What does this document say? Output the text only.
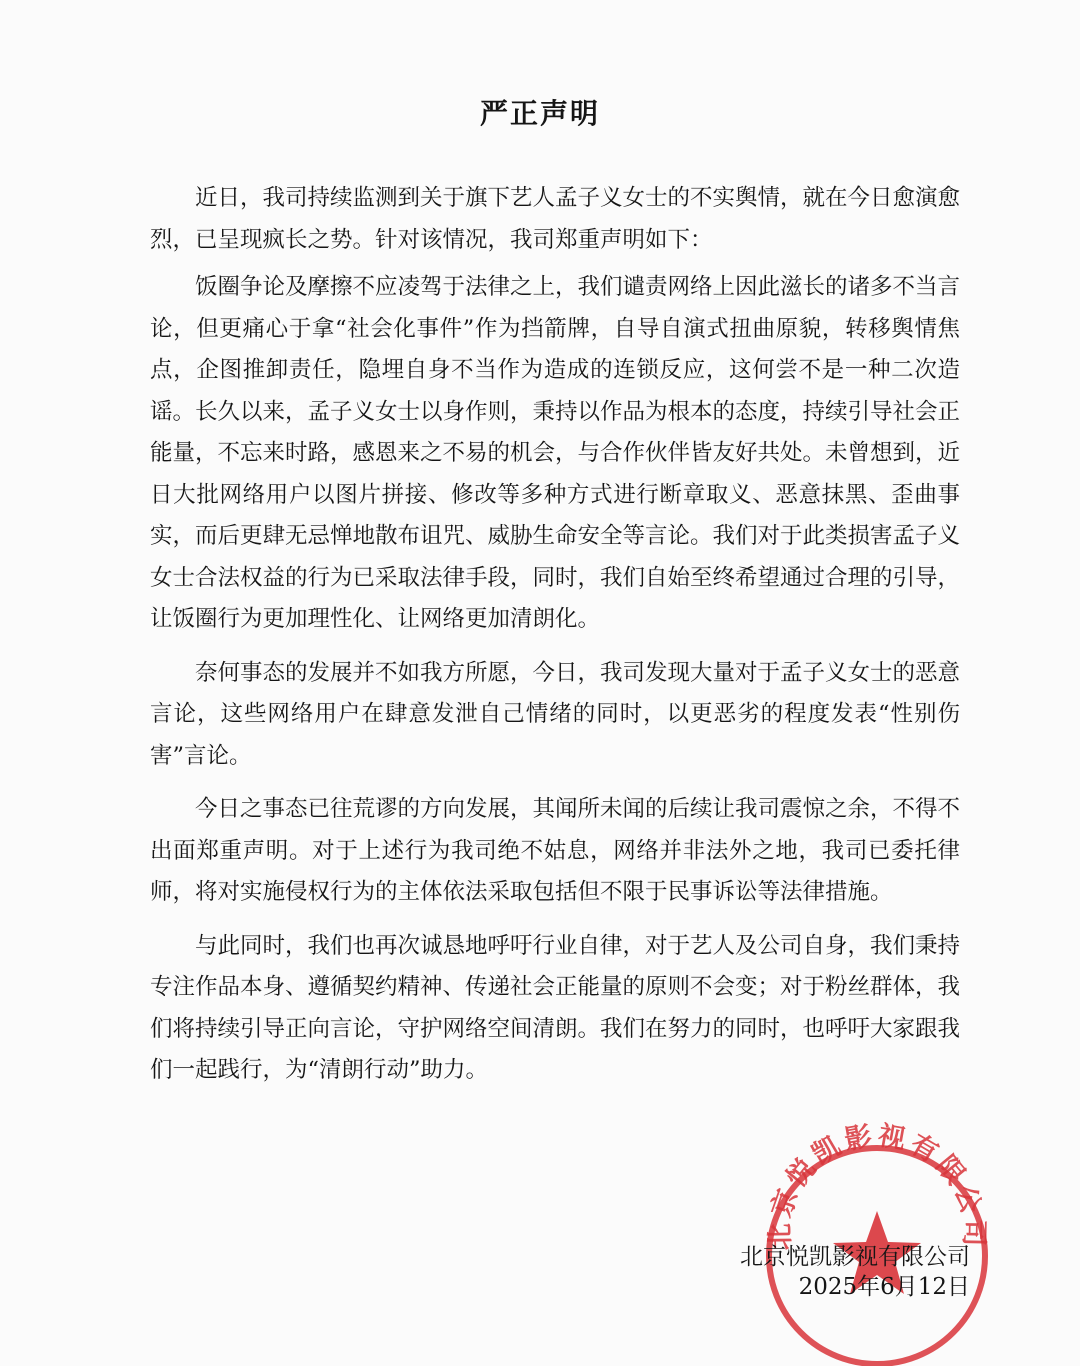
严正声明

近日，我司持续监测到关于旗下艺人孟子义女士的不实舆情，就在今日愈演愈烈，已呈现疯长之势。针对该情况，我司郑重声明如下：

饭圈争论及摩擦不应凌驾于法律之上，我们谴责网络上因此滋长的诸多不当言论，但更痛心于拿“社会化事件”作为挡箭牌，自导自演式扭曲原貌，转移舆情焦点，企图推卸责任，隐埋自身不当作为造成的连锁反应，这何尝不是一种二次造谣。长久以来，孟子义女士以身作则，秉持以作品为根本的态度，持续引导社会正能量，不忘来时路，感恩来之不易的机会，与合作伙伴皆友好共处。未曾想到，近日大批网络用户以图片拼接、修改等多种方式进行断章取义、恶意抹黑、歪曲事实，而后更肆无忌惮地散布诅咒、威胁生命安全等言论。我们对于此类损害孟子义女士合法权益的行为已采取法律手段，同时，我们自始至终希望通过合理的引导，让饭圈行为更加理性化、让网络更加清朗化。

奈何事态的发展并不如我方所愿，今日，我司发现大量对于孟子义女士的恶意言论，这些网络用户在肆意发泄自己情绪的同时，以更恶劣的程度发表“性别伤害”言论。

今日之事态已往荒谬的方向发展，其闻所未闻的后续让我司震惊之余，不得不出面郑重声明。对于上述行为我司绝不姑息，网络并非法外之地，我司已委托律师，将对实施侵权行为的主体依法采取包括但不限于民事诉讼等法律措施。

与此同时，我们也再次诚恳地呼吁行业自律，对于艺人及公司自身，我们秉持专注作品本身、遵循契约精神、传递社会正能量的原则不会变；对于粉丝群体，我们将持续引导正向言论，守护网络空间清朗。我们在努力的同时，也呼吁大家跟我们一起践行，为“清朗行动”助力。

北京悦凯影视有限公司

北京悦凯影视有限公司

2025年6月12日
